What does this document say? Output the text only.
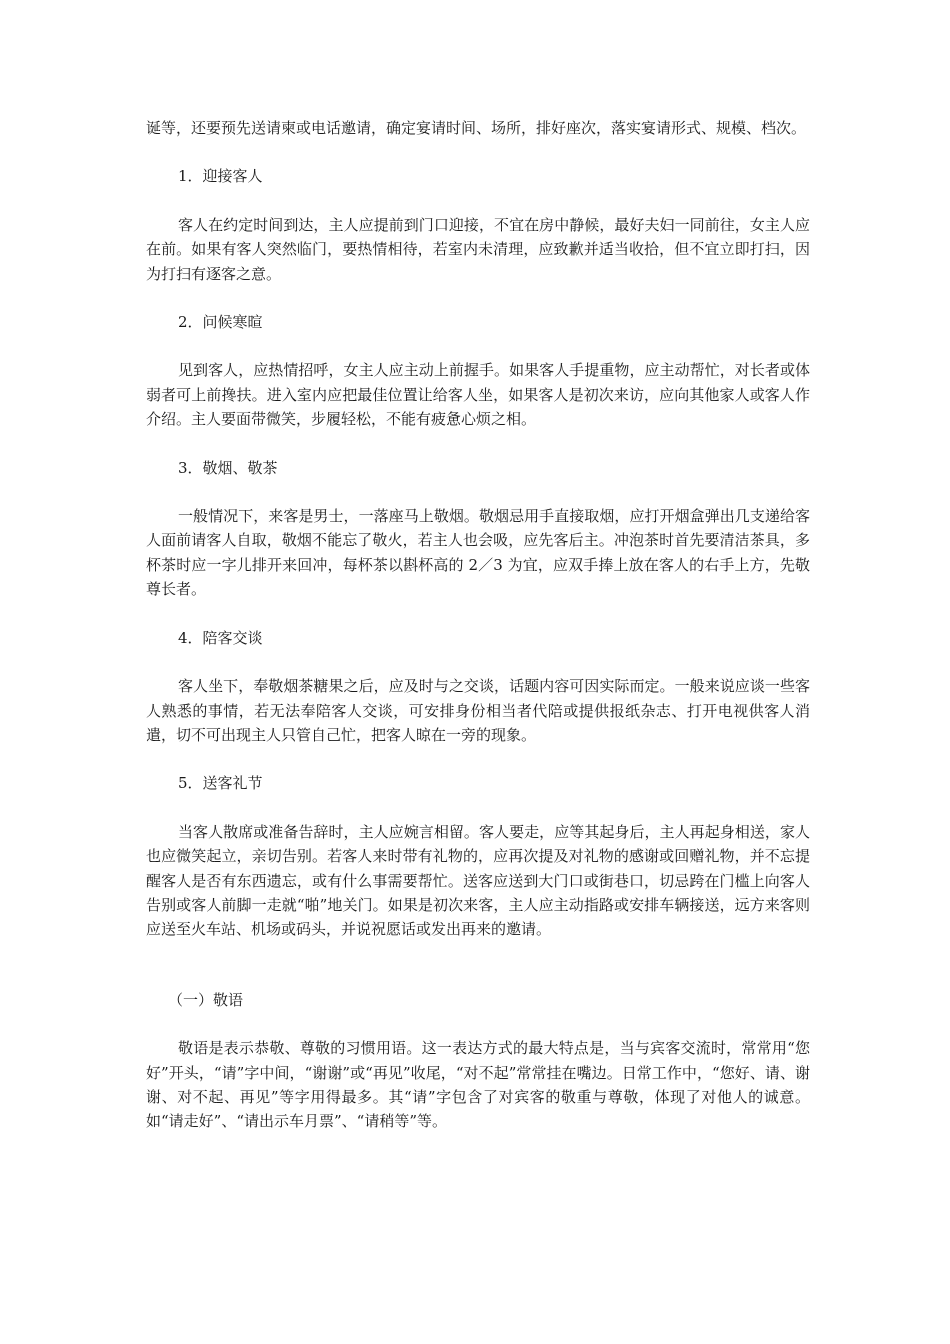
诞等，还要预先送请柬或电话邀请，确定宴请时间、场所，排好座次，落实宴请形式、规模、档次。

1．迎接客人

客人在约定时间到达，主人应提前到门口迎接，不宜在房中静候，最好夫妇一同前往，女主人应在前。如果有客人突然临门，要热情相待，若室内未清理，应致歉并适当收拾，但不宜立即打扫，因为打扫有逐客之意。

2．问候寒暄

见到客人，应热情招呼，女主人应主动上前握手。如果客人手提重物，应主动帮忙，对长者或体弱者可上前搀扶。进入室内应把最佳位置让给客人坐，如果客人是初次来访，应向其他家人或客人作介绍。主人要面带微笑，步履轻松，不能有疲惫心烦之相。

3．敬烟、敬茶

一般情况下，来客是男士，一落座马上敬烟。敬烟忌用手直接取烟，应打开烟盒弹出几支递给客人面前请客人自取，敬烟不能忘了敬火，若主人也会吸，应先客后主。冲泡茶时首先要清洁茶具，多杯茶时应一字儿排开来回冲，每杯茶以斟杯高的 2／3 为宜，应双手捧上放在客人的右手上方，先敬尊长者。

4．陪客交谈

客人坐下，奉敬烟茶糖果之后，应及时与之交谈，话题内容可因实际而定。一般来说应谈一些客人熟悉的事情，若无法奉陪客人交谈，可安排身份相当者代陪或提供报纸杂志、打开电视供客人消遣，切不可出现主人只管自己忙，把客人晾在一旁的现象。

5．送客礼节

当客人散席或准备告辞时，主人应婉言相留。客人要走，应等其起身后，主人再起身相送，家人也应微笑起立，亲切告别。若客人来时带有礼物的，应再次提及对礼物的感谢或回赠礼物，并不忘提醒客人是否有东西遗忘，或有什么事需要帮忙。送客应送到大门口或街巷口，切忌跨在门槛上向客人告别或客人前脚一走就“啪”地关门。如果是初次来客，主人应主动指路或安排车辆接送，远方来客则应送至火车站、机场或码头，并说祝愿话或发出再来的邀请。

（一）敬语

敬语是表示恭敬、尊敬的习惯用语。这一表达方式的最大特点是，当与宾客交流时，常常用“您好”开头，“请”字中间，“谢谢”或“再见”收尾，“对不起”常常挂在嘴边。日常工作中，“您好、请、谢谢、对不起、再见”等字用得最多。其“请”字包含了对宾客的敬重与尊敬，体现了对他人的诚意。如“请走好”、“请出示车月票”、“请稍等”等。
